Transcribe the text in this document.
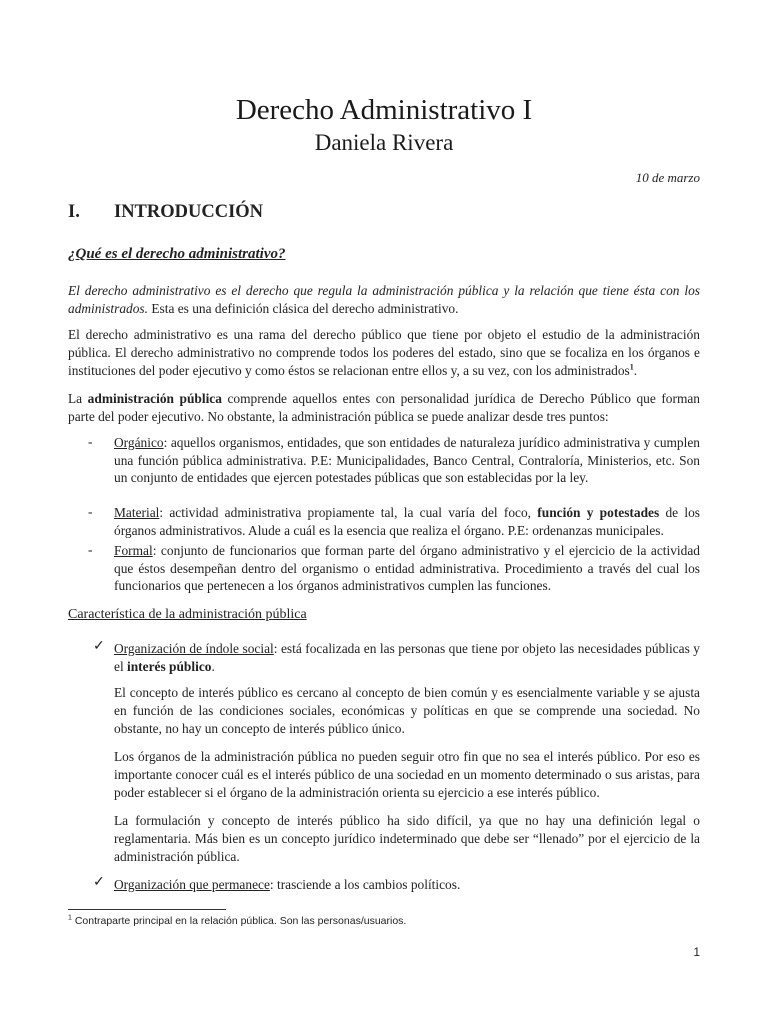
Derecho Administrativo I
Daniela Rivera
10 de marzo
I. INTRODUCCIÓN
¿Qué es el derecho administrativo?
El derecho administrativo es el derecho que regula la administración pública y la relación que tiene ésta con los administrados. Esta es una definición clásica del derecho administrativo.
El derecho administrativo es una rama del derecho público que tiene por objeto el estudio de la administración pública. El derecho administrativo no comprende todos los poderes del estado, sino que se focaliza en los órganos e instituciones del poder ejecutivo y como éstos se relacionan entre ellos y, a su vez, con los administrados$^1$.
La administración pública comprende aquellos entes con personalidad jurídica de Derecho Público que forman parte del poder ejecutivo. No obstante, la administración pública se puede analizar desde tres puntos:
- Orgánico: aquellos organismos, entidades, que son entidades de naturaleza jurídico administrativa y cumplen una función pública administrativa. P.E: Municipalidades, Banco Central, Contraloría, Ministerios, etc. Son un conjunto de entidades que ejercen potestades públicas que son establecidas por la ley.
- Material: actividad administrativa propiamente tal, la cual varía del foco, función y potestades de los órganos administrativos. Alude a cuál es la esencia que realiza el órgano. P.E: ordenanzas municipales.
- Formal: conjunto de funcionarios que forman parte del órgano administrativo y el ejercicio de la actividad que éstos desempeñan dentro del organismo o entidad administrativa. Procedimiento a través del cual los funcionarios que pertenecen a los órganos administrativos cumplen las funciones.
Característica de la administración pública
✓ Organización de índole social: está focalizada en las personas que tiene por objeto las necesidades públicas y el interés público.
El concepto de interés público es cercano al concepto de bien común y es esencialmente variable y se ajusta en función de las condiciones sociales, económicas y políticas en que se comprende una sociedad. No obstante, no hay un concepto de interés público único.
Los órganos de la administración pública no pueden seguir otro fin que no sea el interés público. Por eso es importante conocer cuál es el interés público de una sociedad en un momento determinado o sus aristas, para poder establecer si el órgano de la administración orienta su ejercicio a ese interés público.
La formulación y concepto de interés público ha sido difícil, ya que no hay una definición legal o reglamentaria. Más bien es un concepto jurídico indeterminado que debe ser “llenado” por el ejercicio de la administración pública.
✓ Organización que permanece: trasciende a los cambios políticos.
$^1$ Contraparte principal en la relación pública. Son las personas/usuarios.
1
